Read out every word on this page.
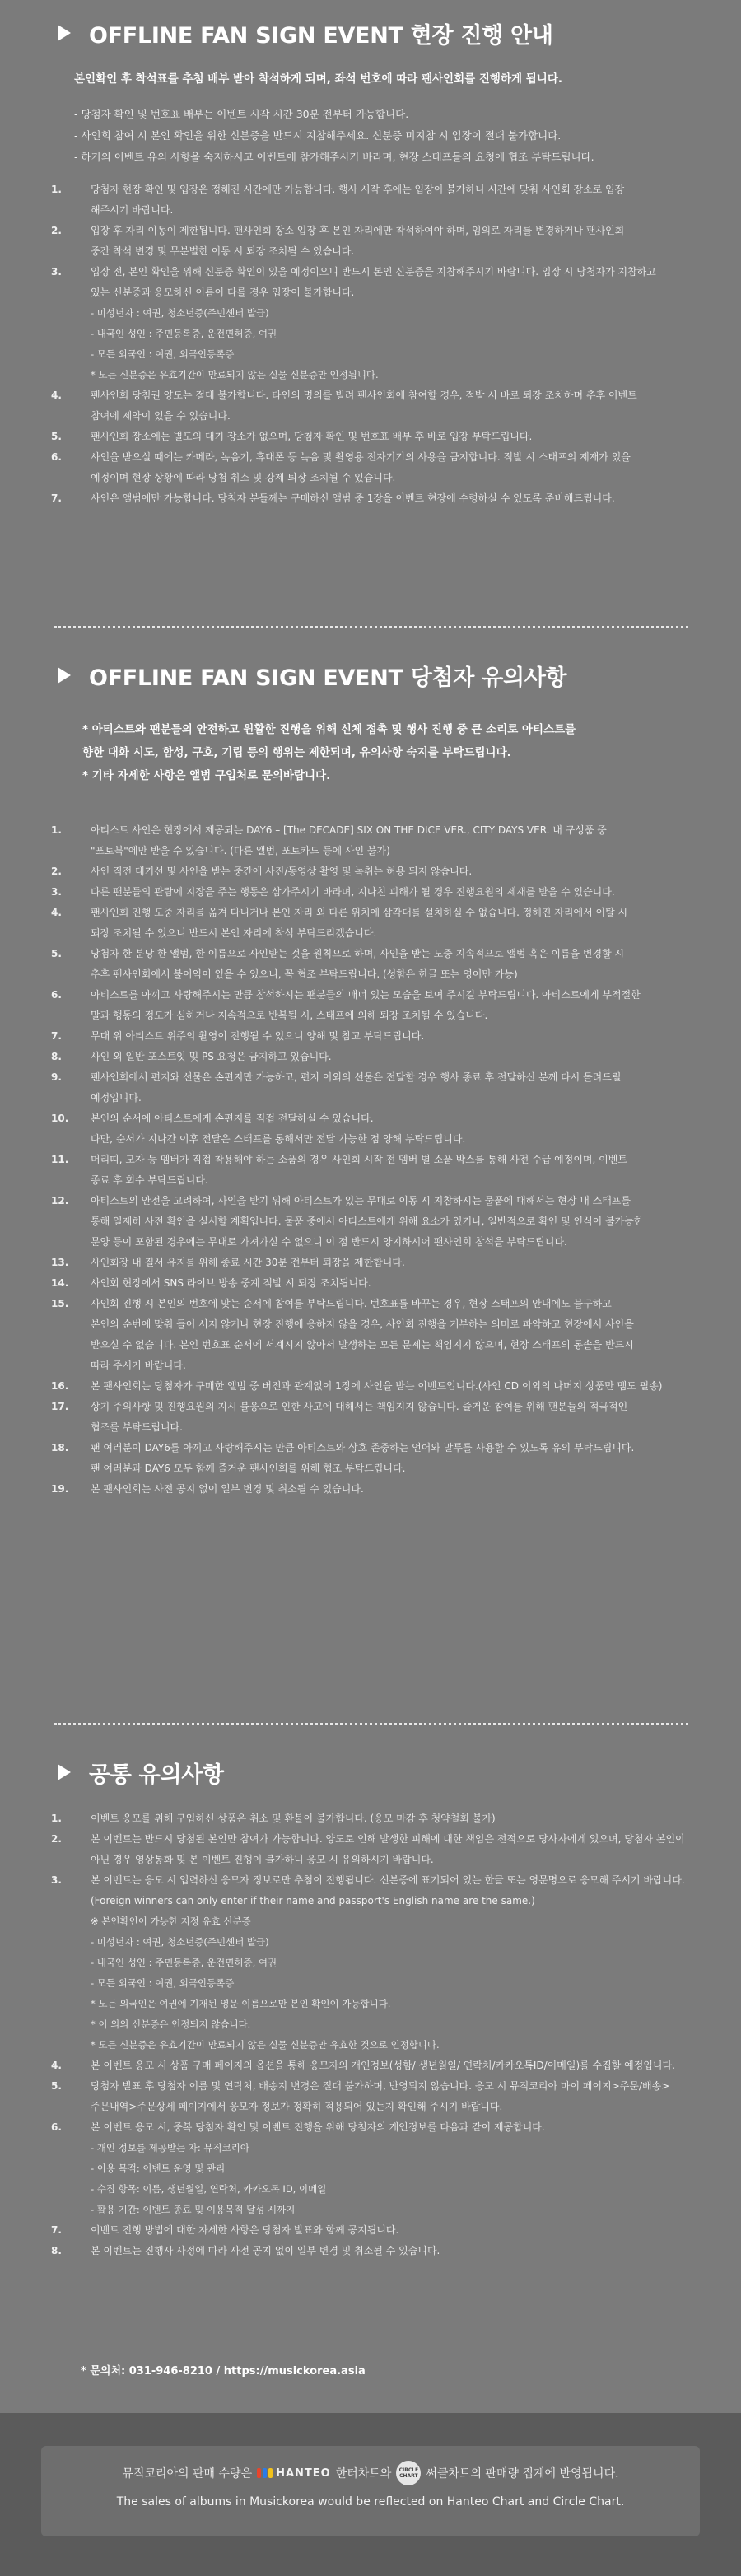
OFFLINE FAN SIGN EVENT 현장 진행 안내
본인확인 후 착석표를 추첨 배부 받아 착석하게 되며, 좌석 번호에 따라 팬사인회를 진행하게 됩니다.
- 당첨자 확인 및 번호표 배부는 이벤트 시작 시간 30분 전부터 가능합니다.
- 사인회 참여 시 본인 확인을 위한 신분증을 반드시 지참해주세요. 신분증 미지참 시 입장이 절대 불가합니다.
- 하기의 이벤트 유의 사항을 숙지하시고 이벤트에 참가해주시기 바라며, 현장 스태프들의 요청에 협조 부탁드립니다.
1.	당첨자 현장 확인 및 입장은 정해진 시간에만 가능합니다. 행사 시작 후에는 입장이 불가하니 시간에 맞춰 사인회 장소로 입장

해주시기 바랍니다.

2.	입장 후 자리 이동이 제한됩니다. 팬사인회 장소 입장 후 본인 자리에만 착석하여야 하며, 임의로 자리를 변경하거나 팬사인회

중간 착석 변경 및 무분별한 이동 시 퇴장 조치될 수 있습니다.

3.	입장 전, 본인 확인을 위해 신분증 확인이 있을 예정이오니 반드시 본인 신분증을 지참해주시기 바랍니다. 입장 시 당첨자가 지참하고

있는 신분증과 응모하신 이름이 다를 경우 입장이 불가합니다.

- 미성년자 : 여권, 청소년증(주민센터 발급)
- 내국인 성인 : 주민등록증, 운전면허증, 여권
- 모든 외국인 : 여권, 외국인등록증
* 모든 신분증은 유효기간이 만료되지 않은 실물 신분증만 인정됩니다.
4.	팬사인회 당첨권 양도는 절대 불가합니다. 타인의 명의를 빌려 팬사인회에 참여할 경우, 적발 시 바로 퇴장 조치하며 추후 이벤트

참여에 제약이 있을 수 있습니다.

5.	팬사인회 장소에는 별도의 대기 장소가 없으며, 당첨자 확인 및 번호표 배부 후 바로 입장 부탁드립니다.

6.	사인을 받으실 때에는 카메라, 녹음기, 휴대폰 등 녹음 및 촬영용 전자기기의 사용을 금지합니다. 적발 시 스태프의 제재가 있을

예정이며 현장 상황에 따라 당첨 취소 및 강제 퇴장 조치될 수 있습니다.

7.	사인은 앨범에만 가능합니다. 당첨자 분들께는 구매하신 앨범 중 1장을 이벤트 현장에 수령하실 수 있도록 준비해드립니다.

OFFLINE FAN SIGN EVENT 당첨자 유의사항
* 아티스트와 팬분들의 안전하고 원활한 진행을 위해 신체 접촉 및 행사 진행 중 큰 소리로 아티스트를
향한 대화 시도, 함성, 구호, 기립 등의 행위는 제한되며, 유의사항 숙지를 부탁드립니다.
* 기타 자세한 사항은 앨범 구입처로 문의바랍니다.
1.	아티스트 사인은 현장에서 제공되는 DAY6 – [The DECADE] SIX ON THE DICE VER., CITY DAYS VER. 내 구성품 중

"포토북"에만 받을 수 있습니다. (다른 앨범, 포토카드 등에 사인 불가)

2.	사인 직전 대기선 및 사인을 받는 중간에 사진/동영상 촬영 및 녹취는 허용 되지 않습니다.

3.	다른 팬분들의 관람에 지장을 주는 행동은 삼가주시기 바라며, 지나친 피해가 될 경우 진행요원의 제재를 받을 수 있습니다.

4.	팬사인회 진행 도중 자리를 옮겨 다니거나 본인 자리 외 다른 위치에 삼각대를 설치하실 수 없습니다. 정해진 자리에서 이탈 시

퇴장 조치될 수 있으니 반드시 본인 자리에 착석 부탁드리겠습니다.

5.	당첨자 한 분당 한 앨범, 한 이름으로 사인받는 것을 원칙으로 하며, 사인을 받는 도중 지속적으로 앨범 혹은 이름을 변경할 시

추후 팬사인회에서 불이익이 있을 수 있으니, 꼭 협조 부탁드립니다. (성함은 한글 또는 영어만 가능)

6.	아티스트를 아끼고 사랑해주시는 만큼 참석하시는 팬분들의 매너 있는 모습을 보여 주시길 부탁드립니다. 아티스트에게 부적절한

말과 행동의 정도가 심하거나 지속적으로 반복될 시, 스태프에 의해 퇴장 조치될 수 있습니다.

7.	무대 위 아티스트 위주의 촬영이 진행될 수 있으니 양해 및 참고 부탁드립니다.

8.	사인 외 일반 포스트잇 및 PS 요청은 금지하고 있습니다.

9.	팬사인회에서 편지와 선물은 손편지만 가능하고, 편지 이외의 선물은 전달할 경우 행사 종료 후 전달하신 분께 다시 돌려드릴

예정입니다.

10.	본인의 순서에 아티스트에게 손편지를 직접 전달하실 수 있습니다.

다만, 순서가 지나간 이후 전달은 스태프를 통해서만 전달 가능한 점 양해 부탁드립니다.

11.	머리띠, 모자 등 멤버가 직접 착용해야 하는 소품의 경우 사인회 시작 전 멤버 별 소품 박스를 통해 사전 수급 예정이며, 이벤트

종료 후 회수 부탁드립니다.

12.	아티스트의 안전을 고려하여, 사인을 받기 위해 아티스트가 있는 무대로 이동 시 지참하시는 물품에 대해서는 현장 내 스태프를

통해 일제히 사전 확인을 실시할 계획입니다. 물품 중에서 아티스트에게 위해 요소가 있거나, 일반적으로 확인 및 인식이 불가능한

문양 등이 포함된 경우에는 무대로 가져가실 수 없으니 이 점 반드시 양지하시어 팬사인회 참석을 부탁드립니다.

13.	사인회장 내 질서 유지를 위해 종료 시간 30분 전부터 퇴장을 제한합니다.

14.	사인회 현장에서 SNS 라이브 방송 중계 적발 시 퇴장 조치됩니다.

15.	사인회 진행 시 본인의 번호에 맞는 순서에 참여를 부탁드립니다. 번호표를 바꾸는 경우, 현장 스태프의 안내에도 불구하고

본인의 순번에 맞춰 들어 서지 않거나 현장 진행에 응하지 않을 경우, 사인회 진행을 거부하는 의미로 파악하고 현장에서 사인을

받으실 수 없습니다. 본인 번호표 순서에 서계시지 않아서 발생하는 모든 문제는 책임지지 않으며, 현장 스태프의 통솔을 반드시

따라 주시기 바랍니다.

16.	본 팬사인회는 당첨자가 구매한 앨범 중 버전과 관계없이 1장에 사인을 받는 이벤트입니다.(사인 CD 이외의 나머지 상품만 멤도 필송)

17.	상기 주의사항 및 진행요원의 지시 불응으로 인한 사고에 대해서는 책임지지 않습니다. 즐거운 참여를 위해 팬분들의 적극적인

협조를 부탁드립니다.

18.	팬 여러분이 DAY6를 아끼고 사랑해주시는 만큼 아티스트와 상호 존중하는 언어와 말투를 사용할 수 있도록 유의 부탁드립니다.

팬 여러분과 DAY6 모두 함께 즐거운 팬사인회를 위해 협조 부탁드립니다.

19.	본 팬사인회는 사전 공지 없이 일부 변경 및 취소될 수 있습니다.

공통 유의사항
1.	이벤트 응모를 위해 구입하신 상품은 취소 및 환불이 불가합니다. (응모 마감 후 청약철회 불가)

2.	본 이벤트는 반드시 당첨된 본인만 참여가 가능합니다. 양도로 인해 발생한 피해에 대한 책임은 전적으로 당사자에게 있으며, 당첨자 본인이

아닌 경우 영상통화 및 본 이벤트 진행이 불가하니 응모 시 유의하시기 바랍니다.

3.	본 이벤트는 응모 시 입력하신 응모자 정보로만 추첨이 진행됩니다. 신분증에 표기되어 있는 한글 또는 영문명으로 응모해 주시기 바랍니다.

(Foreign winners can only enter if their name and passport's English name are the same.)

※ 본인확인이 가능한 지정 유효 신분증
- 미성년자 : 여권, 청소년증(주민센터 발급)
- 내국인 성인 : 주민등록증, 운전면허증, 여권
- 모든 외국인 : 여권, 외국인등록증
* 모든 외국인은 여권에 기재된 영문 이름으로만 본인 확인이 가능합니다.
* 이 외의 신분증은 인정되지 않습니다.
* 모든 신분증은 유효기간이 만료되지 않은 실물 신분증만 유효한 것으로 인정합니다.
4.	본 이벤트 응모 시 상품 구매 페이지의 옵션을 통해 응모자의 개인정보(성함/ 생년월일/ 연락처/카카오톡ID/이메일)를 수집할 예정입니다.

5.	당첨자 발표 후 당첨자 이름 및 연락처, 배송지 변경은 절대 불가하며, 반영되지 않습니다. 응모 시 뮤직코리아 마이 페이지>주문/배송>

주문내역>주문상세 페이지에서 응모자 정보가 정확히 적용되어 있는지 확인해 주시기 바랍니다.

6.	본 이벤트 응모 시, 중복 당첨자 확인 및 이벤트 진행을 위해 당첨자의 개인정보를 다음과 같이 제공합니다.

- 개인 정보를 제공받는 자: 뮤직코리아
- 이용 목적: 이벤트 운영 및 관리
- 수집 항목: 이름, 생년월일, 연락처, 카카오톡 ID, 이메일
- 활용 기간: 이벤트 종료 및 이용목적 달성 시까지
7.	이벤트 진행 방법에 대한 자세한 사항은 당첨자 발표와 함께 공지됩니다.

8.	본 이벤트는 진행사 사정에 따라 사전 공지 없이 일부 변경 및 취소될 수 있습니다.

* 문의처: 031-946-8210 / https://musickorea.asia
뮤직코리아의 판매 수량은 HANTEO 한터차트와	CIRCLE CHART 써클차트의 판매량 집계에 반영됩니다.
The sales of albums in Musickorea would be reflected on Hanteo Chart and Circle Chart.
